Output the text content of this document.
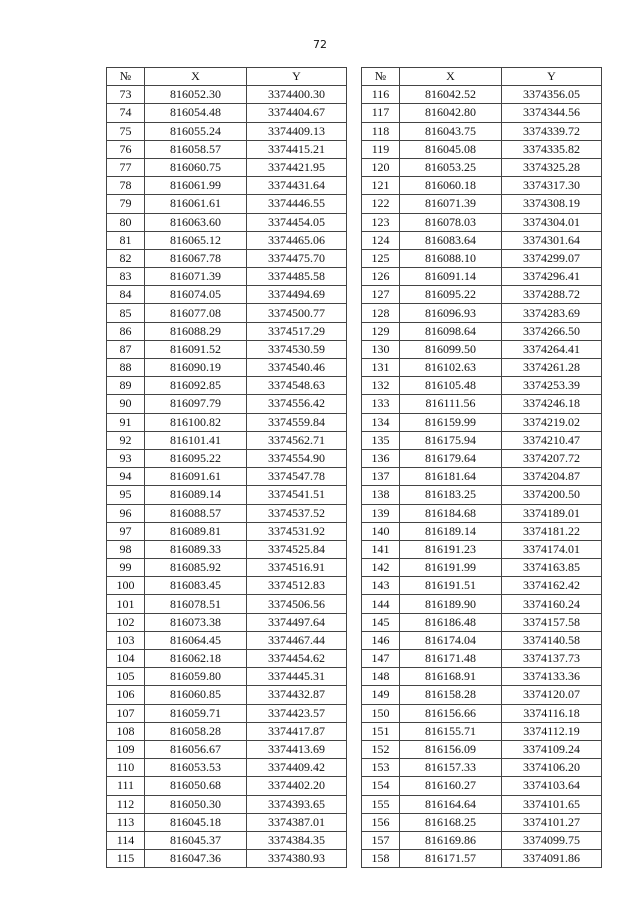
72
№	X	Y		№	X	Y
73	816052.30	3374400.30		116	816042.52	3374356.05
74	816054.48	3374404.67		117	816042.80	3374344.56
75	816055.24	3374409.13		118	816043.75	3374339.72
76	816058.57	3374415.21		119	816045.08	3374335.82
77	816060.75	3374421.95		120	816053.25	3374325.28
78	816061.99	3374431.64		121	816060.18	3374317.30
79	816061.61	3374446.55		122	816071.39	3374308.19
80	816063.60	3374454.05		123	816078.03	3374304.01
81	816065.12	3374465.06		124	816083.64	3374301.64
82	816067.78	3374475.70		125	816088.10	3374299.07
83	816071.39	3374485.58		126	816091.14	3374296.41
84	816074.05	3374494.69		127	816095.22	3374288.72
85	816077.08	3374500.77		128	816096.93	3374283.69
86	816088.29	3374517.29		129	816098.64	3374266.50
87	816091.52	3374530.59		130	816099.50	3374264.41
88	816090.19	3374540.46		131	816102.63	3374261.28
89	816092.85	3374548.63		132	816105.48	3374253.39
90	816097.79	3374556.42		133	816111.56	3374246.18
91	816100.82	3374559.84		134	816159.99	3374219.02
92	816101.41	3374562.71		135	816175.94	3374210.47
93	816095.22	3374554.90		136	816179.64	3374207.72
94	816091.61	3374547.78		137	816181.64	3374204.87
95	816089.14	3374541.51		138	816183.25	3374200.50
96	816088.57	3374537.52		139	816184.68	3374189.01
97	816089.81	3374531.92		140	816189.14	3374181.22
98	816089.33	3374525.84		141	816191.23	3374174.01
99	816085.92	3374516.91		142	816191.99	3374163.85
100	816083.45	3374512.83		143	816191.51	3374162.42
101	816078.51	3374506.56		144	816189.90	3374160.24
102	816073.38	3374497.64		145	816186.48	3374157.58
103	816064.45	3374467.44		146	816174.04	3374140.58
104	816062.18	3374454.62		147	816171.48	3374137.73
105	816059.80	3374445.31		148	816168.91	3374133.36
106	816060.85	3374432.87		149	816158.28	3374120.07
107	816059.71	3374423.57		150	816156.66	3374116.18
108	816058.28	3374417.87		151	816155.71	3374112.19
109	816056.67	3374413.69		152	816156.09	3374109.24
110	816053.53	3374409.42		153	816157.33	3374106.20
111	816050.68	3374402.20		154	816160.27	3374103.64
112	816050.30	3374393.65		155	816164.64	3374101.65
113	816045.18	3374387.01		156	816168.25	3374101.27
114	816045.37	3374384.35		157	816169.86	3374099.75
115	816047.36	3374380.93		158	816171.57	3374091.86
